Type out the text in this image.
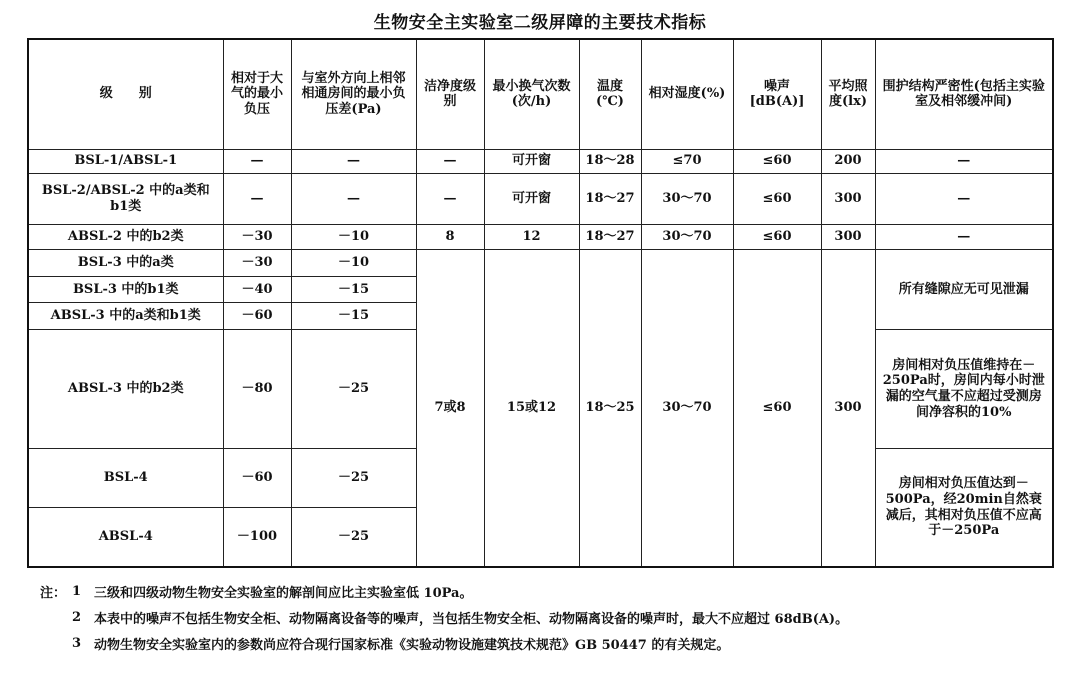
生物安全主实验室二级屏障的主要技术指标
级　　别	相对于大气的最小负压	与室外方向上相邻相通房间的最小负压差(Pa)	洁净度级别	最小换气次数(次/h)	温度(℃)	相对湿度(%)	噪声[dB(A)]	平均照度(lx)	围护结构严密性(包括主实验室及相邻缓冲间)
BSL-1/ABSL-1	—	—	—	可开窗	18～28	≤70	≤60	200	—
BSL-2/ABSL-2 中的a类和b1类	—	—	—	可开窗	18～27	30～70	≤60	300	—
ABSL-2 中的b2类	－30	－10	8	12	18～27	30～70	≤60	300	—
BSL-3 中的a类	－30	－10	7或8	15或12	18～25	30～70	≤60	300	所有缝隙应无可见泄漏
BSL-3 中的b1类	－40	－15							
ABSL-3 中的a类和b1类	－60	－15							
ABSL-3 中的b2类	－80	－25							房间相对负压值维持在－250Pa时，房间内每小时泄漏的空气量不应超过受测房间净容积的10%
BSL-4	－60	－25							房间相对负压值达到－500Pa，经20min自然衰减后，其相对负压值不应高于－250Pa
ABSL-4	－100	－25							
注： 1 三级和四级动物生物安全实验室的解剖间应比主实验室低 10Pa。
2 本表中的噪声不包括生物安全柜、动物隔离设备等的噪声，当包括生物安全柜、动物隔离设备的噪声时，最大不应超过 68dB(A)。
3 动物生物安全实验室内的参数尚应符合现行国家标准《实验动物设施建筑技术规范》GB 50447 的有关规定。
